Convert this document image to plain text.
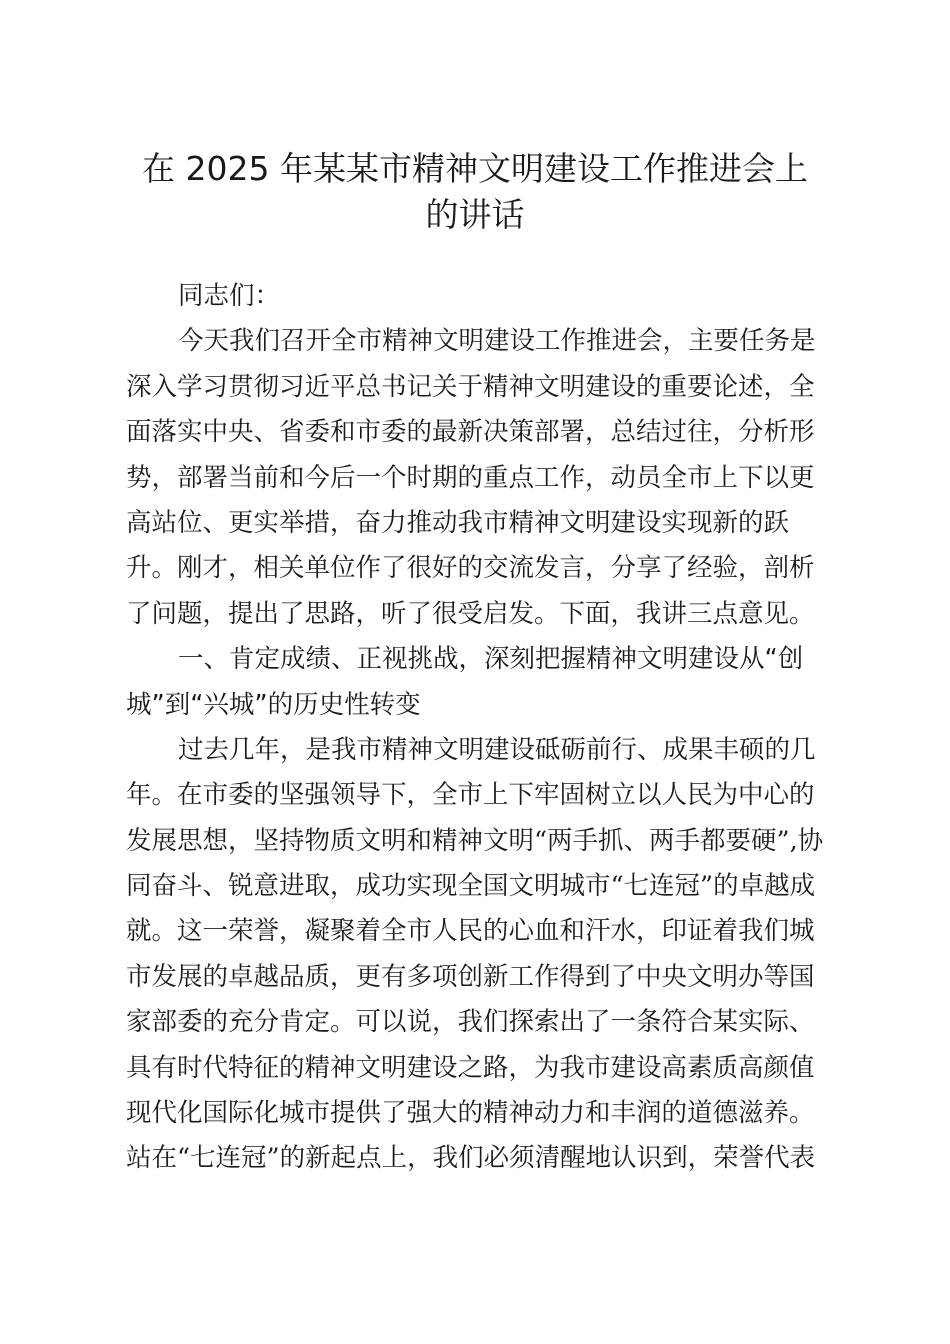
在 2025 年某某市精神文明建设工作推进会上
的讲话
同志们：
今天我们召开全市精神文明建设工作推进会，主要任务是
深入学习贯彻习近平总书记关于精神文明建设的重要论述，全
面落实中央、省委和市委的最新决策部署，总结过往，分析形
势，部署当前和今后一个时期的重点工作，动员全市上下以更
高站位、更实举措，奋力推动我市精神文明建设实现新的跃
升。刚才，相关单位作了很好的交流发言，分享了经验，剖析
了问题，提出了思路，听了很受启发。下面，我讲三点意见。
一、肯定成绩、正视挑战，深刻把握精神文明建设从“创
城”到“兴城”的历史性转变
过去几年，是我市精神文明建设砥砺前行、成果丰硕的几
年。在市委的坚强领导下，全市上下牢固树立以人民为中心的
发展思想，坚持物质文明和精神文明“两手抓、两手都要硬”,协
同奋斗、锐意进取，成功实现全国文明城市“七连冠”的卓越成
就。这一荣誉，凝聚着全市人民的心血和汗水，印证着我们城
市发展的卓越品质，更有多项创新工作得到了中央文明办等国
家部委的充分肯定。可以说，我们探索出了一条符合某实际、
具有时代特征的精神文明建设之路，为我市建设高素质高颜值
现代化国际化城市提供了强大的精神动力和丰润的道德滋养。
站在“七连冠”的新起点上，我们必须清醒地认识到，荣誉代表
